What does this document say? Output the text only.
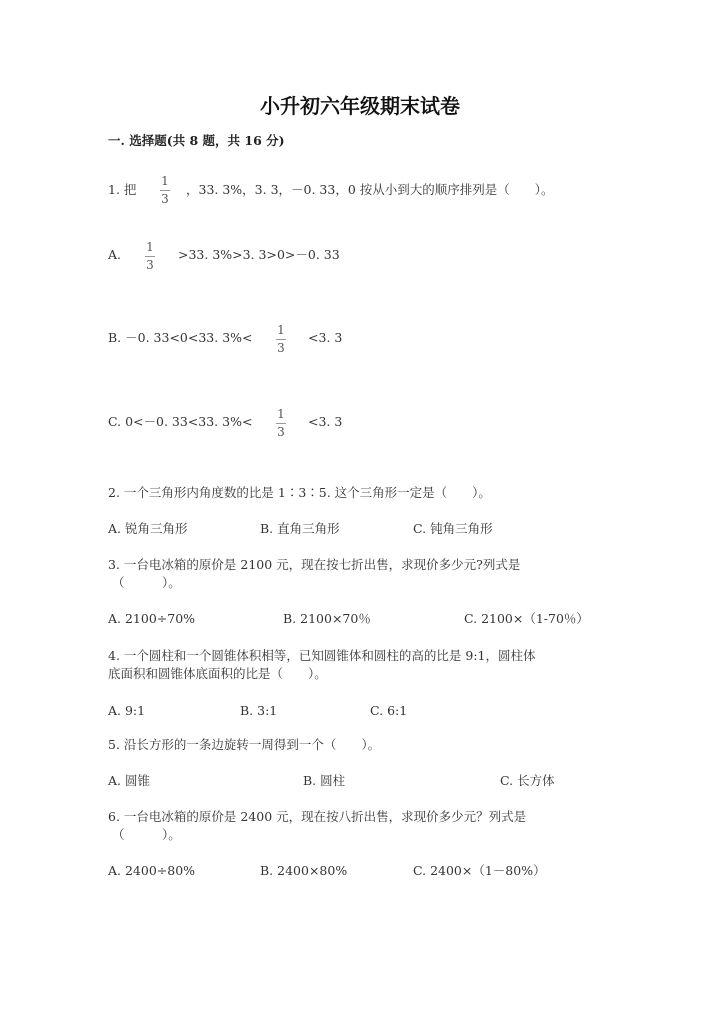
小升初六年级期末试卷
一. 选择题(共 8 题，共 16 分)
1. 把
1
3
，33. 3%，3. 3，－0. 33，0 按从小到大的顺序排列是（　　）。
A. 1
3
>33. 3%>3. 3>0>－0. 33
B. －0. 33<0<33. 3%< 1
3
<3. 3
C. 0<－0. 33<33. 3%< 1
3
<3. 3
2. 一个三角形内角度数的比是 1∶3∶5. 这个三角形一定是（　　）。
A. 锐角三角形	B. 直角三角形	C. 钝角三角形
3. 一台电冰箱的原价是 2100 元，现在按七折出售，求现价多少元?列式是
（　　　）。
A. 2100÷70%	B. 2100×70％	C. 2100×（1-70％）
4. 一个圆柱和一个圆锥体积相等，已知圆锥体和圆柱的高的比是 9:1，圆柱体
底面积和圆锥体底面积的比是（　　）。
A. 9:1	B. 3:1	C. 6:1
5. 沿长方形的一条边旋转一周得到一个（　　）。
A. 圆锥	B. 圆柱	C. 长方体
6. 一台电冰箱的原价是 2400 元，现在按八折出售，求现价多少元？列式是
（　　　）。
A. 2400÷80%	B. 2400×80%	C. 2400×（1－80%）
